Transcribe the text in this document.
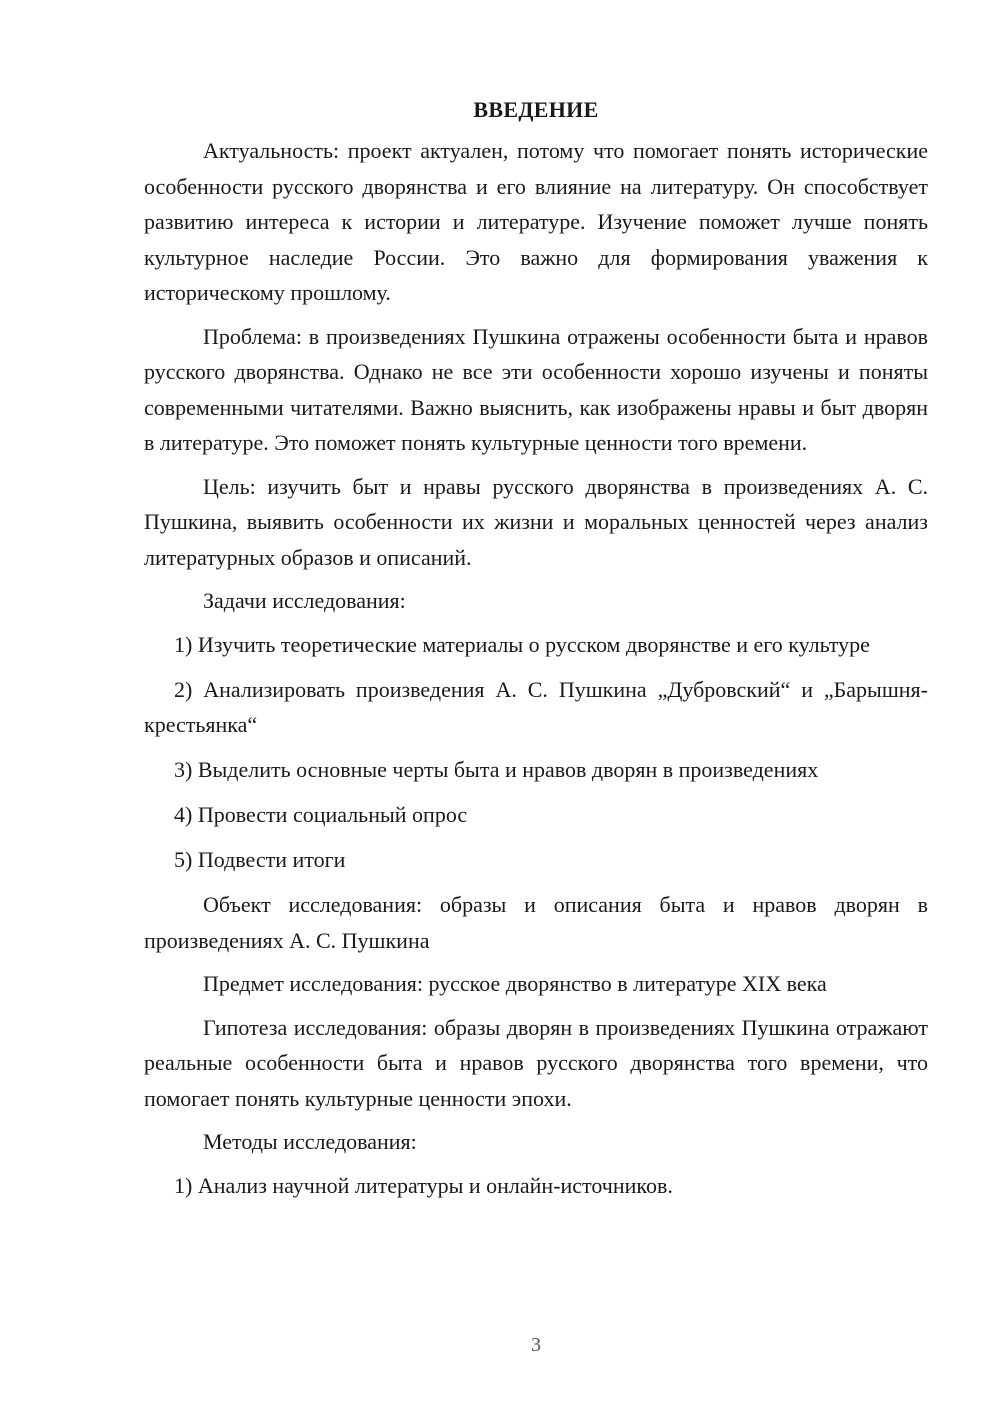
ВВЕДЕНИЕ
Актуальность: проект актуален, потому что помогает понять исторические особенности русского дворянства и его влияние на литературу. Он способствует развитию интереса к истории и литературе. Изучение поможет лучше понять культурное наследие России. Это важно для формирования уважения к историческому прошлому.
Проблема: в произведениях Пушкина отражены особенности быта и нравов русского дворянства. Однако не все эти особенности хорошо изучены и поняты современными читателями. Важно выяснить, как изображены нравы и быт дворян в литературе. Это поможет понять культурные ценности того времени.
Цель: изучить быт и нравы русского дворянства в произведениях А. С. Пушкина, выявить особенности их жизни и моральных ценностей через анализ литературных образов и описаний.
Задачи исследования:
1) Изучить теоретические материалы о русском дворянстве и его культуре
2) Анализировать произведения А. С. Пушкина „Дубровский“ и „Барышня-крестьянка“
3) Выделить основные черты быта и нравов дворян в произведениях
4) Провести социальный опрос
5) Подвести итоги
Объект исследования: образы и описания быта и нравов дворян в произведениях А. С. Пушкина
Предмет исследования: русское дворянство в литературе XIX века
Гипотеза исследования: образы дворян в произведениях Пушкина отражают реальные особенности быта и нравов русского дворянства того времени, что помогает понять культурные ценности эпохи.
Методы исследования:
1) Анализ научной литературы и онлайн-источников.
3
